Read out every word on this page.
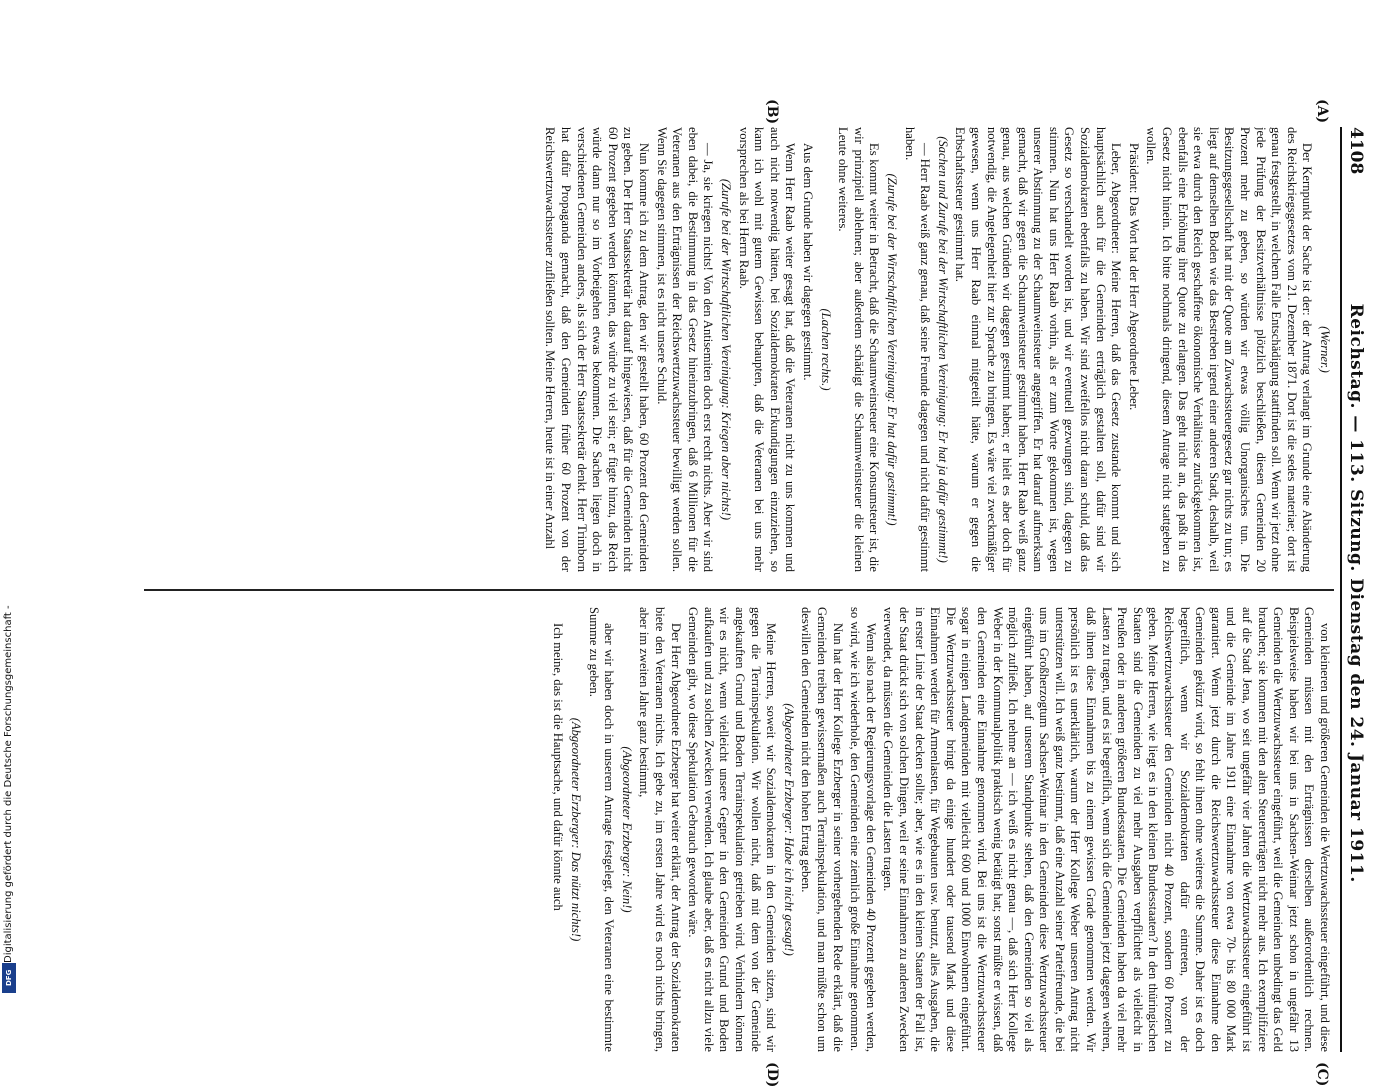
4108
Reichstag. — 113. Sitzung. Dienstag den 24. Januar 1911.
(A)
(B)
(C)
(D)

(Werner.)

Der Kernpunkt der Sache ist der: der Antrag verlangt im Grunde eine Abänderung des Reichskriegsgesetzes vom 21. Dezember 1871. Dort ist die sedes materiae; dort ist genau festgestellt, in welchem Falle Entschädigung stattfinden soll. Wenn wir jetzt ohne jede Prüfung der Besitzverhältnisse plötzlich beschließen, diesen Gemeinden 20 Prozent mehr zu geben, so würden wir etwas völlig Unorganisches tun. Die Besitzungsgesellschaft hat mit der Quote am Zuwachssteuergesetz gar nichts zu tun; es liegt auf demselben Boden wie das Bestreben irgend einer anderen Stadt, deshalb, weil sie etwa durch den Reich geschaffene ökonomische Verhältnisse zurückgekommen ist, ebenfalls eine Erhöhung ihrer Quote zu erlangen. Das geht nicht an, das paßt in das Gesetz nicht hinein. Ich bitte nochmals dringend, diesem Antrage nicht stattgeben zu wollen.

Präsident: Das Wort hat der Herr Abgeordnete Leber.

Leber, Abgeordneter: Meine Herren, daß das Gesetz zustande kommt und sich hauptsächlich auch für die Gemeinden erträglich gestalten soll, dafür sind wir Sozialdemokraten ebenfalls zu haben. Wir sind zweifellos nicht daran schuld, daß das Gesetz so verschandelt worden ist, und wir eventuell gezwungen sind, dagegen zu stimmen. Nun hat uns Herr Raab vorhin, als er zum Worte gekommen ist, wegen unserer Abstimmung zu der Schaumweinsteuer angegriffen. Er hat darauf aufmerksam gemacht, daß wir gegen die Schaumweinsteuer gestimmt haben. Herr Raab weiß ganz genau, aus welchen Gründen wir dagegen gestimmt haben; er hielt es aber doch für notwendig, die Angelegenheit hier zur Sprache zu bringen. Es wäre viel zweckmäßiger gewesen, wenn uns Herr Raab einmal mitgeteilt hätte, warum er gegen die Erbschaftssteuer gestimmt hat.

(Sachen und Zurufe bei der Wirtschaftlichen Vereinigung: Er hat ja dafür gestimmt!)

— Herr Raab weiß ganz genau, daß seine Freunde dagegen und nicht dafür gestimmt haben.

(Zurufe bei der Wirtschaftlichen Vereinigung: Er hat dafür gestimmt!)

Es kommt weiter in Betracht, daß die Schaumweinsteuer eine Konsumsteuer ist, die wir prinzipiell ablehnen; aber außerdem schädigt die Schaumweinsteuer die kleinen Leute ohne weiteres.

(Lachen rechts.)

Aus dem Grunde haben wir dagegen gestimmt.

Wenn Herr Raab weiter gesagt hat, daß die Veteranen nicht zu uns kommen und auch nicht notwendig hätten, bei Sozialdemokraten Erkundigungen einzuziehen, so kann ich wohl mit gutem Gewissen behaupten, daß die Veteranen bei uns mehr vorsprechen als bei Herrn Raab.

(Zurufe bei der Wirtschaftlichen Vereinigung: Kriegen aber nichts!)

— Ja, sie kriegen nichts! Von den Antisemiten doch erst recht nichts. Aber wir sind eben dabei, die Bestimmung in das Gesetz hineinzubringen, daß 6 Millionen für die Veteranen aus den Erträgnissen der Reichswertzuwachssteuer bewilligt werden sollen. Wenn Sie dagegen stimmen, ist es nicht unsere Schuld.

Nun komme ich zu dem Antrag, den wir gestellt haben, 60 Prozent den Gemeinden zu geben. Der Herr Staatssekretär hat darauf hingewiesen, daß für die Gemeinden nicht 60 Prozent gegeben werden könnten, das würde zu viel sein; er fügte hinzu, das Reich würde dann nur so im Vorbeigehen etwas bekommen. Die Sachen liegen doch in verschiedenen Gemeinden anders, als sich der Herr Staatssekretär denkt. Herr Trimborn hat dafür Propaganda gemacht, daß den Gemeinden früher 60 Prozent von der Reichswertzuwachssteuer zufließen sollten. Meine Herren, heute ist in einer Anzahl

von kleineren und größeren Gemeinden die Wertzuwachssteuer eingeführt, und diese Gemeinden müssen mit den Erträgnissen derselben außerordentlich rechnen. Beispielsweise haben wir bei uns in Sachsen-Weimar jetzt schon in ungefähr 13 Gemeinden die Wertzuwachssteuer eingeführt, weil die Gemeinden unbedingt das Geld brauchen; sie kommen mit den alten Steuererträgen nicht mehr aus. Ich exemplifiziere auf die Stadt Jena, wo seit ungefähr vier Jahren die Wertzuwachssteuer eingeführt ist und die Gemeinde im Jahre 1911 eine Einnahme von etwa 70- bis 80 000 Mark garantiert. Wenn jetzt durch die Reichswertzuwachssteuer diese Einnahme den Gemeinden gekürzt wird, so fehlt ihnen ohne weiteres die Summe. Daher ist es doch begreiflich, wenn wir Sozialdemokraten dafür eintreten, von der Reichswertzuwachssteuer den Gemeinden nicht 40 Prozent, sondern 60 Prozent zu geben. Meine Herren, wie liegt es in den kleinen Bundesstaaten? In den thüringischen Staaten sind die Gemeinden zu viel mehr Ausgaben verpflichtet als vielleicht in Preußen oder in anderen größeren Bundesstaaten. Die Gemeinden haben da viel mehr Lasten zu tragen, und es ist begreiflich, wenn sich die Gemeinden jetzt dagegen wehren, daß ihnen diese Einnahmen bis zu einem gewissen Grade genommen werden. Wir persönlich ist es unerklärlich, warum der Herr Kollege Weber unseren Antrag nicht unterstützen will. Ich weiß ganz bestimmt, daß eine Anzahl seiner Parteifreunde, die bei uns im Großherzogtum Sachsen-Weimar in den Gemeinden diese Wertzuwachssteuer eingeführt haben, auf unserem Standpunkte stehen, daß den Gemeinden so viel als möglich zufließt. Ich nehme an — ich weiß es nicht genau —, daß sich Herr Kollege Weber in der Kommunalpolitik praktisch wenig betätigt hat; sonst müßte er wissen, daß den Gemeinden eine Einnahme genommen wird. Bei uns ist die Wertzuwachssteuer sogar in einigen Landgemeinden mit vielleicht 600 und 1000 Einwohnern eingeführt. Die Wertzuwachssteuer bringt da einige hundert oder tausend Mark und diese Einnahmen werden für Armenlasten, für Wegebauten usw. benutzt, alles Ausgaben, die in erster Linie der Staat decken sollte; aber, wie es in den kleinen Staaten der Fall ist, der Staat drückt sich von solchen Dingen, weil er seine Einnahmen zu anderen Zwecken verwendet, da müssen die Gemeinden die Lasten tragen.

Wenn also nach der Regierungsvorlage den Gemeinden 40 Prozent gegeben werden, so wird, wie ich wiederhole, den Gemeinden eine ziemlich große Einnahme genommen.

Nun hat der Herr Kollege Erzberger in seiner vorhergehenden Rede erklärt, daß die Gemeinden treiben gewissermaßen auch Terrainspekulation, und man müßte schon um deswillen den Gemeinden nicht den hohen Ertrag geben.

(Abgeordneter Erzberger: Habe ich nicht gesagt!)

Meine Herren, soweit wir Sozialdemokraten in den Gemeinden sitzen, sind wir gegen die Terrainspekulation. Wir wollen nicht, daß mit dem von der Gemeinde angekauften Grund und Boden Terrainspekulation getrieben wird. Verhindern können wir es nicht, wenn vielleicht unsere Gegner in den Gemeinden Grund und Boden aufkaufen und zu solchen Zwecken verwenden. Ich glaube aber, daß es nicht allzu viele Gemeinden gibt, wo diese Spekulation Gebrauch geworden wäre.

Der Herr Abgeordnete Erzberger hat weiter erklärt, der Antrag der Sozialdemokraten biete den Veteranen nichts. Ich gebe zu, im ersten Jahre wird es noch nichts bringen, aber im zweiten Jahre ganz bestimmt,

(Abgeordneter Erzberger: Nein!)

aber wir haben doch in unserem Antrage festgelegt, den Veteranen eine bestimmte Summe zu geben.

(Abgeordneter Erzberger: Das nützt nichts!)

Ich meine, das ist die Hauptsache, und dafür könnte auch

Digitalisierung gefördert durch die Deutsche Forschungsgemeinschaft -
DFG
